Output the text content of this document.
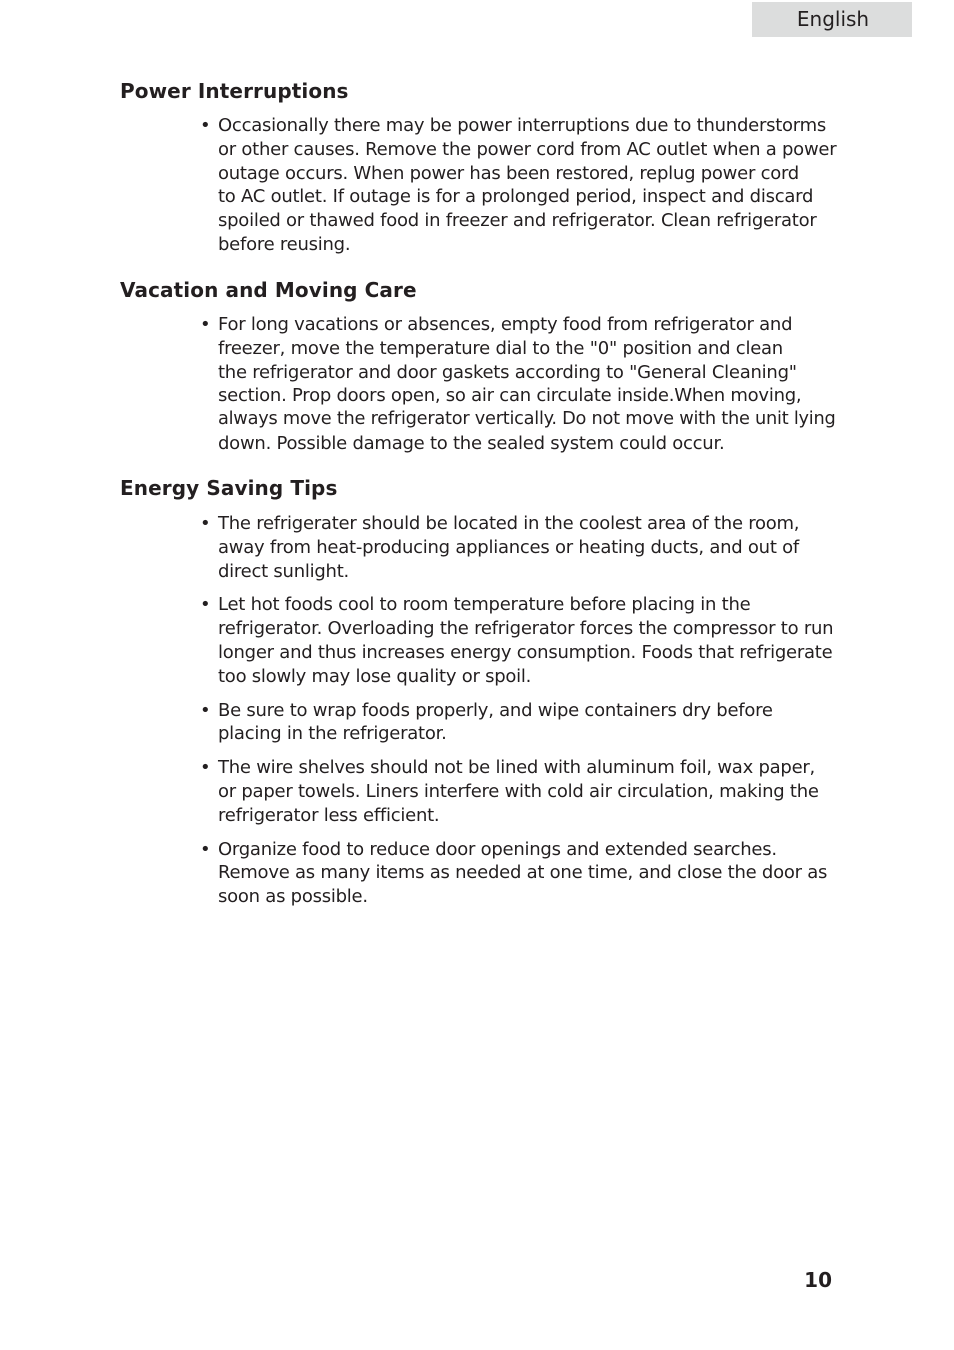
English
Power Interruptions

• Occasionally there may be power interruptions due to thunderstorms
or other causes. Remove the power cord from AC outlet when a power
outage occurs. When power has been restored, replug power cord
to AC outlet. If outage is for a prolonged period, inspect and discard
spoiled or thawed food in freezer and refrigerator. Clean refrigerator
before reusing.

Vacation and Moving Care

• For long vacations or absences, empty food from refrigerator and
freezer, move the temperature dial to the "0" position and clean
the refrigerator and door gaskets according to "General Cleaning"
section. Prop doors open, so air can circulate inside.When moving,
always move the refrigerator vertically. Do not move with the unit lying
down. Possible damage to the sealed system could occur.

Energy Saving Tips

• The refrigerater should be located in the coolest area of the room,
away from heat-producing appliances or heating ducts, and out of
direct sunlight.

• Let hot foods cool to room temperature before placing in the
refrigerator. Overloading the refrigerator forces the compressor to run
longer and thus increases energy consumption. Foods that refrigerate
too slowly may lose quality or spoil.

• Be sure to wrap foods properly, and wipe containers dry before
placing in the refrigerator.

• The wire shelves should not be lined with aluminum foil, wax paper,
or paper towels. Liners interfere with cold air circulation, making the
refrigerator less efficient.

• Organize food to reduce door openings and extended searches.
Remove as many items as needed at one time, and close the door as
soon as possible.

10
